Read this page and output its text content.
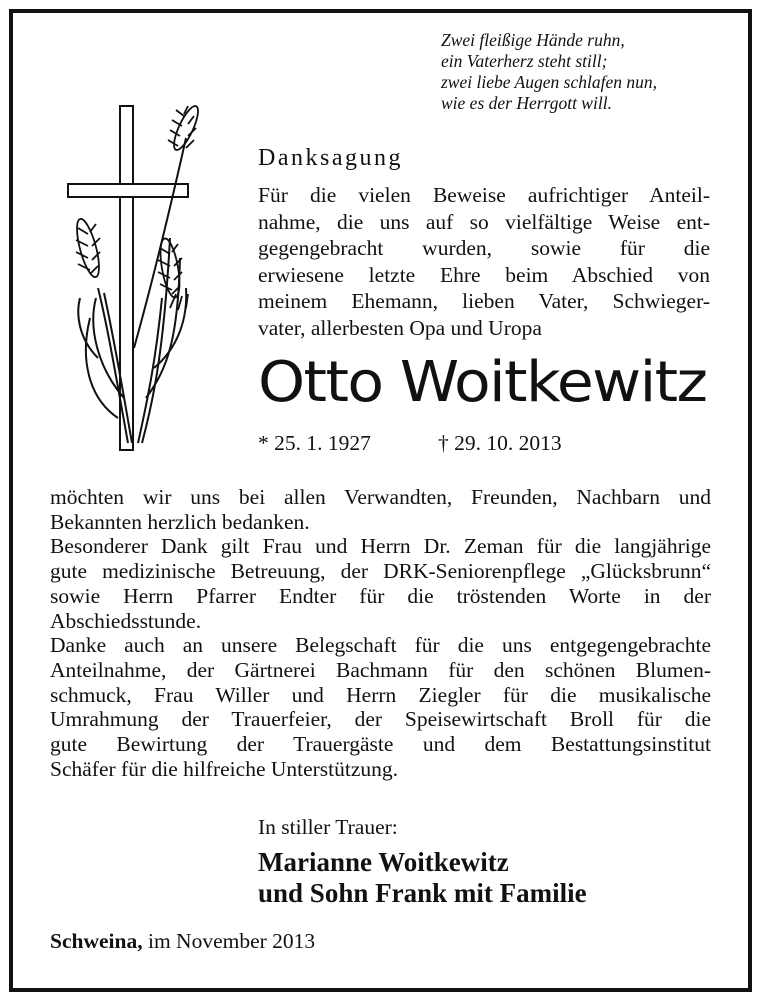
Zwei fleißige Hände ruhn,
ein Vaterherz steht still;
zwei liebe Augen schlafen nun,
wie es der Herrgott will.
Danksagung
Für die vielen Beweise aufrichtiger Anteil-
nahme, die uns auf so vielfältige Weise ent-
gegengebracht wurden, sowie für die
erwiesene letzte Ehre beim Abschied von
meinem Ehemann, lieben Vater, Schwieger-
vater, allerbesten Opa und Uropa
Otto Woitkewitz
* 25. 1. 1927	† 29. 10. 2013
möchten wir uns bei allen Verwandten, Freunden, Nachbarn und
Bekannten herzlich bedanken.
Besonderer Dank gilt Frau und Herrn Dr. Zeman für die langjährige
gute medizinische Betreuung, der DRK-Seniorenpflege „Glücksbrunn“
sowie Herrn Pfarrer Endter für die tröstenden Worte in der
Abschiedsstunde.
Danke auch an unsere Belegschaft für die uns entgegengebrachte
Anteilnahme, der Gärtnerei Bachmann für den schönen Blumen-
schmuck, Frau Willer und Herrn Ziegler für die musikalische
Umrahmung der Trauerfeier, der Speisewirtschaft Broll für die
gute Bewirtung der Trauergäste und dem Bestattungsinstitut
Schäfer für die hilfreiche Unterstützung.
In stiller Trauer:
Marianne Woitkewitz
und Sohn Frank mit Familie
Schweina, im November 2013
